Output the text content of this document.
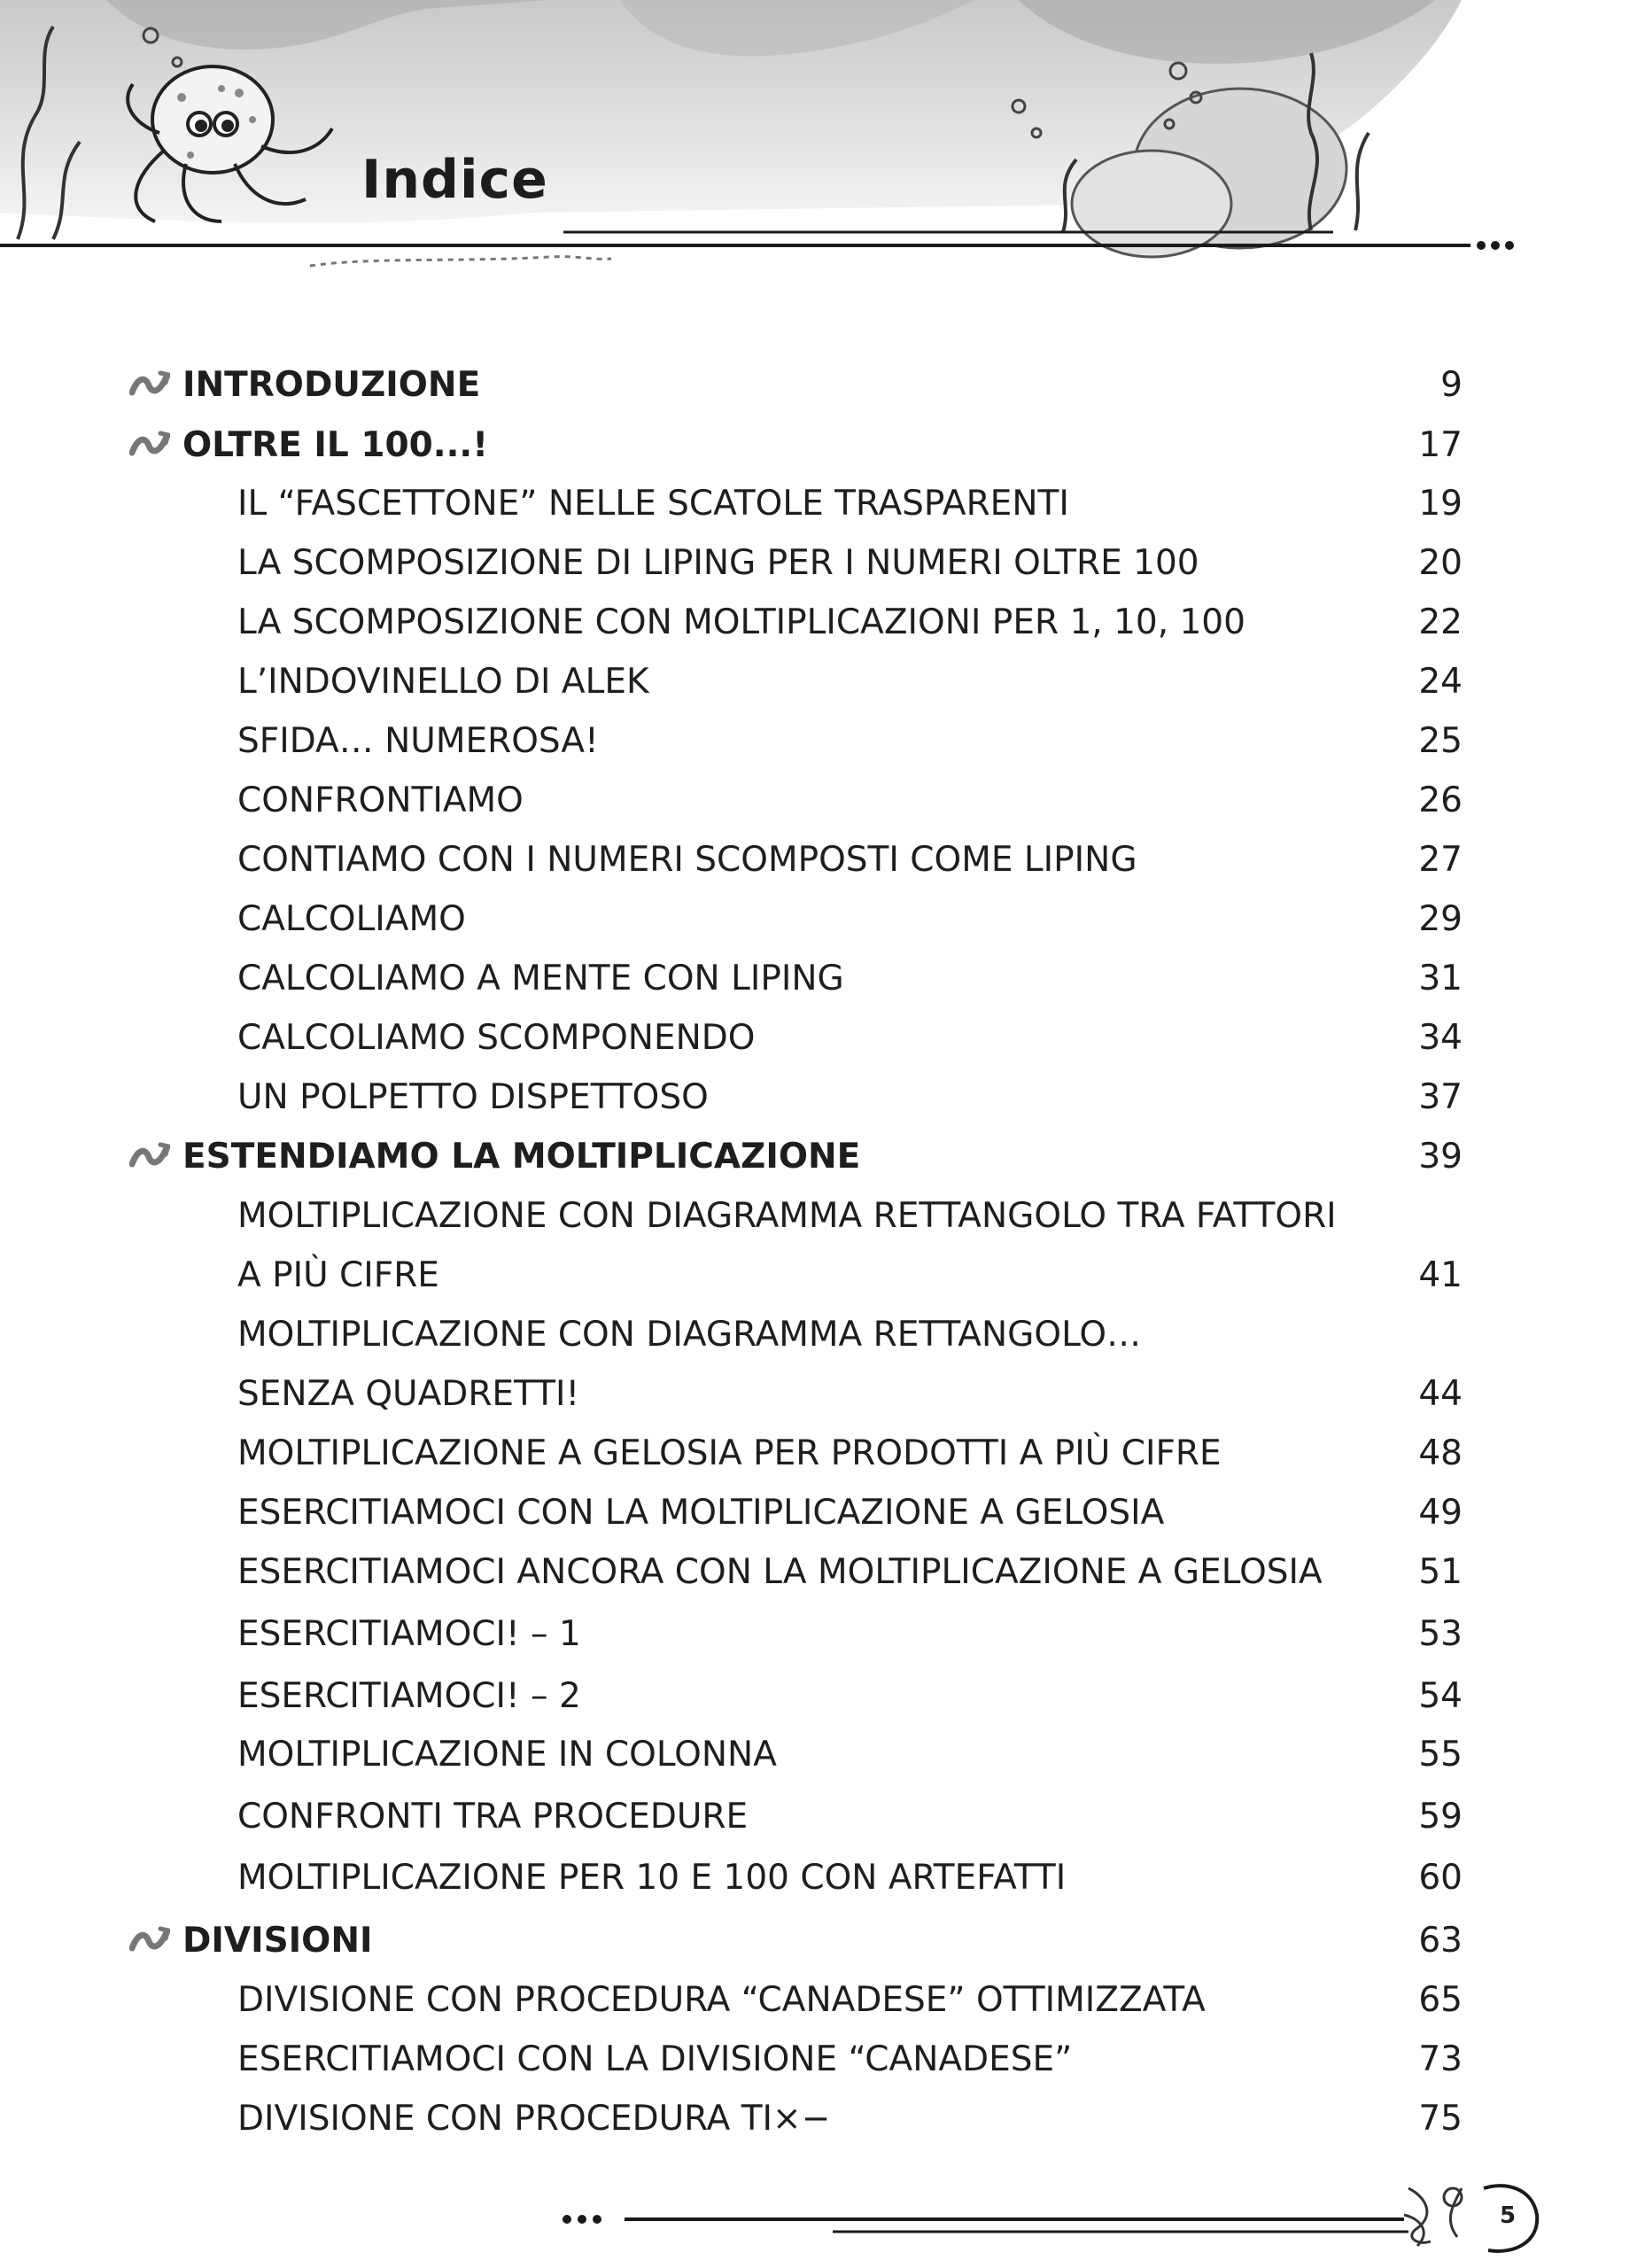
Indice
INTRODUZIONE	9
OLTRE IL 100...!	17
IL “FASCETTONE” NELLE SCATOLE TRASPARENTI	19
LA SCOMPOSIZIONE DI LIPING PER I NUMERI OLTRE 100	20
LA SCOMPOSIZIONE CON MOLTIPLICAZIONI PER 1, 10, 100	22
L’INDOVINELLO DI ALEK	24
SFIDA… NUMEROSA!	25
CONFRONTIAMO	26
CONTIAMO CON I NUMERI SCOMPOSTI COME LIPING	27
CALCOLIAMO	29
CALCOLIAMO A MENTE CON LIPING	31
CALCOLIAMO SCOMPONENDO	34
UN POLPETTO DISPETTOSO	37
ESTENDIAMO LA MOLTIPLICAZIONE	39
MOLTIPLICAZIONE CON DIAGRAMMA RETTANGOLO TRA FATTORI
A PIÙ CIFRE	41
MOLTIPLICAZIONE CON DIAGRAMMA RETTANGOLO…
SENZA QUADRETTI!	44
MOLTIPLICAZIONE A GELOSIA PER PRODOTTI A PIÙ CIFRE	48
ESERCITIAMOCI CON LA MOLTIPLICAZIONE A GELOSIA	49
ESERCITIAMOCI ANCORA CON LA MOLTIPLICAZIONE A GELOSIA	51
ESERCITIAMOCI! – 1	53
ESERCITIAMOCI! – 2	54
MOLTIPLICAZIONE IN COLONNA	55
CONFRONTI TRA PROCEDURE	59
MOLTIPLICAZIONE PER 10 E 100 CON ARTEFATTI	60
DIVISIONI	63
DIVISIONE CON PROCEDURA “CANADESE” OTTIMIZZATA	65
ESERCITIAMOCI CON LA DIVISIONE “CANADESE”	73
DIVISIONE CON PROCEDURA TI×−	75
5
